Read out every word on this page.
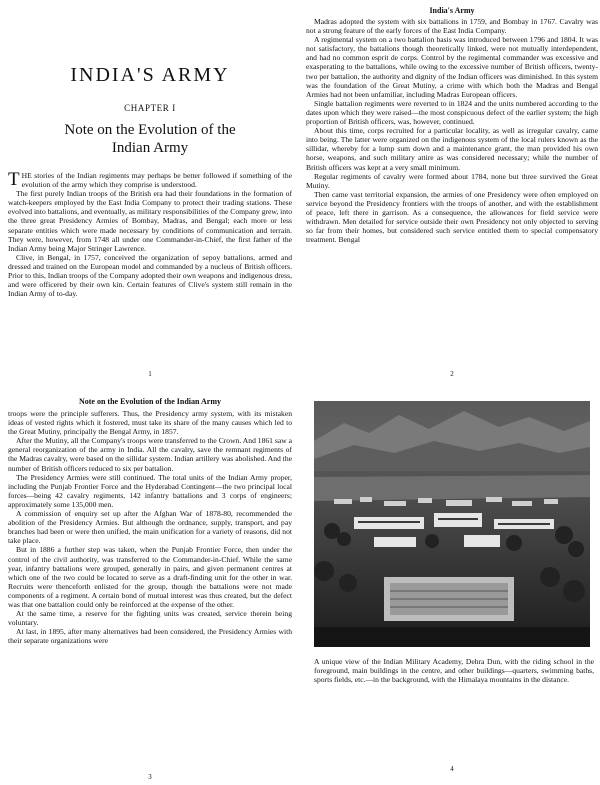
INDIA'S ARMY
CHAPTER I
Note on the Evolution of the
Indian Army

THE stories of the Indian regiments may perhaps be better followed if something of the evolution of the army which they comprise is understood.

The first purely Indian troops of the British era had their foundations in the formation of watch-keepers employed by the East India Company to protect their trading stations. These evolved into battalions, and eventually, as military responsibilities of the Company grew, into the three great Presidency Armies of Bombay, Madras, and Bengal; each more or less separate entities which were made necessary by conditions of communication and terrain. They were, however, from 1748 all under one Commander-in-Chief, the first father of the Indian Army being Major Stringer Lawrence.

Clive, in Bengal, in 1757, conceived the organization of sepoy battalions, armed and dressed and trained on the European model and commanded by a nucleus of British officers. Prior to this, Indian troops of the Company adopted their own weapons and indigenous dress, and were officered by their own kin. Certain features of Clive's system still remain in the Indian Army of to-day.

1
India's Army

Madras adopted the system with six battalions in 1759, and Bombay in 1767. Cavalry was not a strong feature of the early forces of the East India Company.

A regimental system on a two battalion basis was introduced between 1796 and 1804. It was not satisfactory, the battalions though theoretically linked, were not mutually interdependent, and had no common esprit de corps. Control by the regimental commander was excessive and exasperating to the battalions, while owing to the excessive number of British officers, twenty-two per battalion, the authority and dignity of the Indian officers was diminished. In this system was the foundation of the Great Mutiny, a crime with which both the Madras and Bengal Armies had not been unfamiliar, including Madras European officers.

Single battalion regiments were reverted to in 1824 and the units numbered according to the dates upon which they were raised—the most conspicuous defect of the earlier system; the high proportion of British officers, was, however, continued.

About this time, corps recruited for a particular locality, as well as irregular cavalry, came into being. The latter were organized on the indigenous system of the local rulers known as the sillidar, whereby for a lump sum down and a maintenance grant, the man provided his own horse, weapons, and such military attire as was considered necessary; while the number of British officers was kept at a very small minimum.

Regular regiments of cavalry were formed about 1784, none but three survived the Great Mutiny.

Then came vast territorial expansion, the armies of one Presidency were often employed on service beyond the Presidency frontiers with the troops of another, and with the establishment of peace, left there in garrison. As a consequence, the allowances for field service were withdrawn. Men detailed for service outside their own Presidency not only objected to serving so far from their homes, but considered such service entitled them to special compensatory treatment. Bengal

2
Note on the Evolution of the Indian Army

troops were the principle sufferers. Thus, the Presidency army system, with its mistaken ideas of vested rights which it fostered, must take its share of the many causes which led to the Great Mutiny, principally the Bengal Army, in 1857.

After the Mutiny, all the Company's troops were transferred to the Crown. And 1861 saw a general reorganization of the army in India. All the cavalry, save the remnant regiments of the Madras cavalry, were based on the sillidar system. Indian artillery was abolished. And the number of British officers reduced to six per battalion.

The Presidency Armies were still continued. The total units of the Indian Army proper, including the Punjab Frontier Force and the Hyderabad Contingent—the two principal local forces—being 42 cavalry regiments, 142 infantry battalions and 3 corps of engineers; approximately some 135,000 men.

A commission of enquiry set up after the Afghan War of 1878-80, recommended the abolition of the Presidency Armies. But although the ordnance, supply, transport, and pay branches had been or were then unified, the main unification for a variety of reasons, did not take place.

But in 1886 a further step was taken, when the Punjab Frontier Force, then under the control of the civil authority, was transferred to the Commander-in-Chief. While the same year, infantry battalions were grouped, generally in pairs, and given permanent centres at which one of the two could be located to serve as a draft-finding unit for the other in war. Recruits were thenceforth enlisted for the group, though the battalions were not made components of a regiment. A certain bond of mutual interest was thus created, but the defect was that one battalion could only be reinforced at the expense of the other.

At the same time, a reserve for the fighting units was created, service therein being voluntary.

At last, in 1895, after many alternatives had been considered, the Presidency Armies with their separate organizations were

3
A unique view of the Indian Military Academy, Dehra Dun, with the riding school in the foreground, main buildings in the centre, and other buildings—quarters, swimming baths, sports fields, etc.—in the background, with the Himalaya mountains in the distance.
4
